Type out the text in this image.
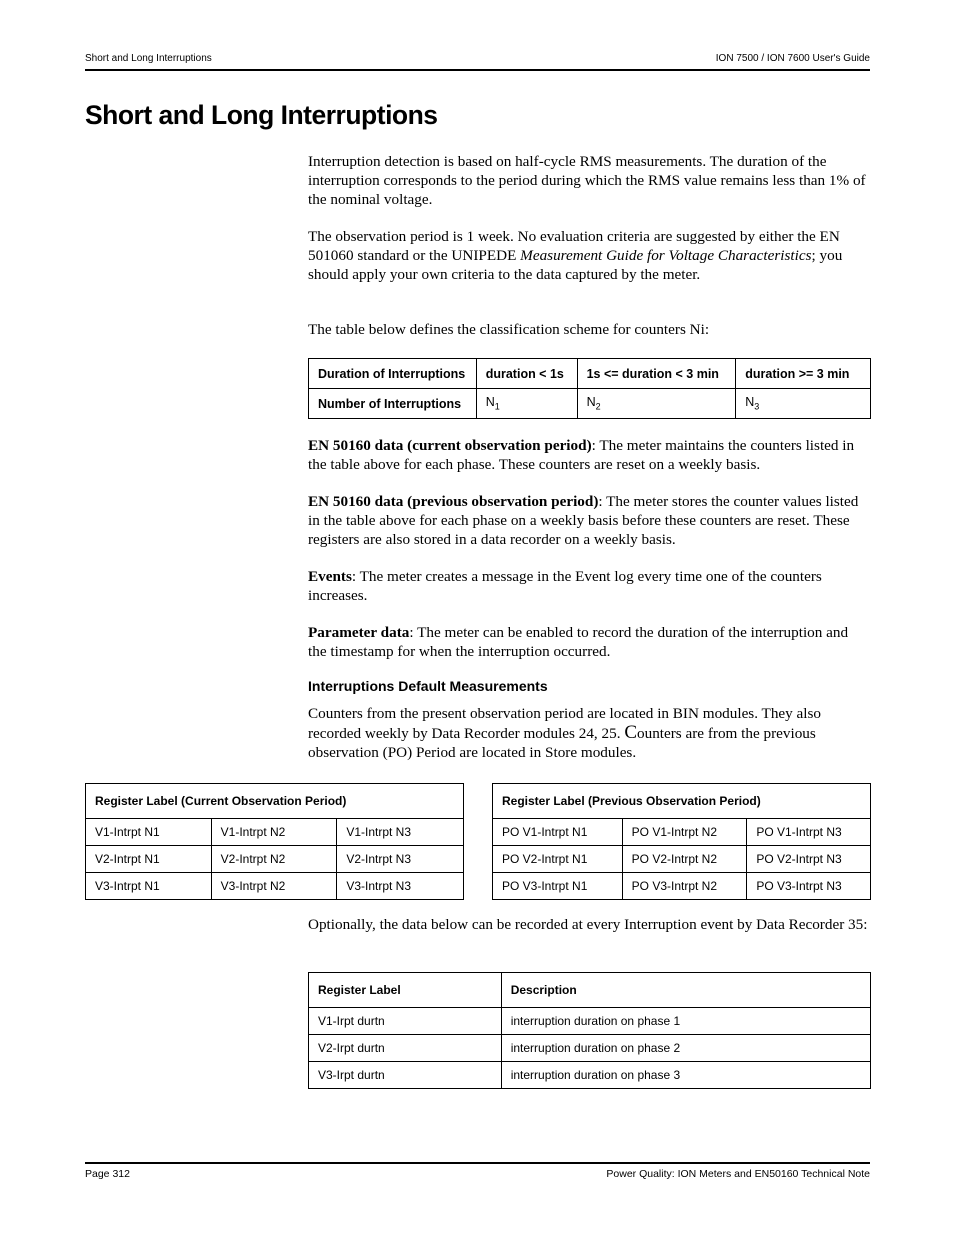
Short and Long Interruptions	ION 7500 / ION 7600 User's Guide
Short and Long Interruptions

Interruption detection is based on half-cycle RMS measurements. The duration of the interruption corresponds to the period during which the RMS value remains less than 1% of the nominal voltage.

The observation period is 1 week. No evaluation criteria are suggested by either the EN 501060 standard or the UNIPEDE Measurement Guide for Voltage Characteristics; you should apply your own criteria to the data captured by the meter.

The table below defines the classification scheme for counters Ni:

Duration of Interruptions	duration < 1s	1s <= duration < 3 min	duration >= 3 min
Number of Interruptions	$N_1$	$N_2$	$N_3$

EN 50160 data (current observation period): The meter maintains the counters listed in the table above for each phase. These counters are reset on a weekly basis.

EN 50160 data (previous observation period): The meter stores the counter values listed in the table above for each phase on a weekly basis before these counters are reset. These registers are also stored in a data recorder on a weekly basis.

Events: The meter creates a message in the Event log every time one of the counters increases.

Parameter data: The meter can be enabled to record the duration of the interruption and the timestamp for when the interruption occurred.

Interruptions Default Measurements

Counters from the present observation period are located in BIN modules. They also recorded weekly by Data Recorder modules 24, 25. Counters are from the previous observation (PO) Period are located in Store modules.

Register Label (Current Observation Period)		
V1-Intrpt N1	V1-Intrpt N2	V1-Intrpt N3
V2-Intrpt N1	V2-Intrpt N2	V2-Intrpt N3
V3-Intrpt N1	V3-Intrpt N2	V3-Intrpt N3
Register Label (Previous Observation Period)		
PO V1-Intrpt N1	PO V1-Intrpt N2	PO V1-Intrpt N3
PO V2-Intrpt N1	PO V2-Intrpt N2	PO V2-Intrpt N3
PO V3-Intrpt N1	PO V3-Intrpt N2	PO V3-Intrpt N3

Optionally, the data below can be recorded at every Interruption event by Data Recorder 35:

Register Label	Description
V1-Irpt durtn	interruption duration on phase 1
V2-Irpt durtn	interruption duration on phase 2
V3-Irpt durtn	interruption duration on phase 3
Page 312	Power Quality: ION Meters and EN50160 Technical Note
